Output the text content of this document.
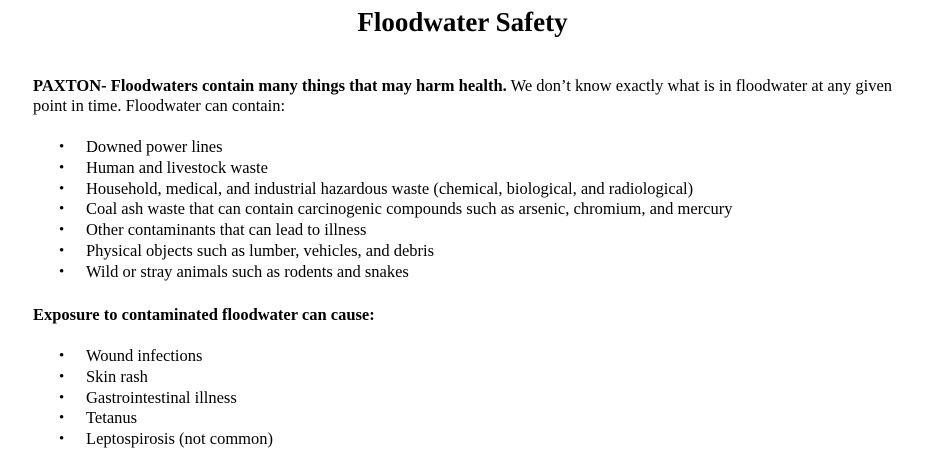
Floodwater Safety

PAXTON- Floodwaters contain many things that may harm health. We don’t know exactly what is in floodwater at any given point in time. Floodwater can contain:

• Downed power lines
• Human and livestock waste
• Household, medical, and industrial hazardous waste (chemical, biological, and radiological)
• Coal ash waste that can contain carcinogenic compounds such as arsenic, chromium, and mercury
• Other contaminants that can lead to illness
• Physical objects such as lumber, vehicles, and debris
• Wild or stray animals such as rodents and snakes

Exposure to contaminated floodwater can cause:

• Wound infections
• Skin rash
• Gastrointestinal illness
• Tetanus
• Leptospirosis (not common)
